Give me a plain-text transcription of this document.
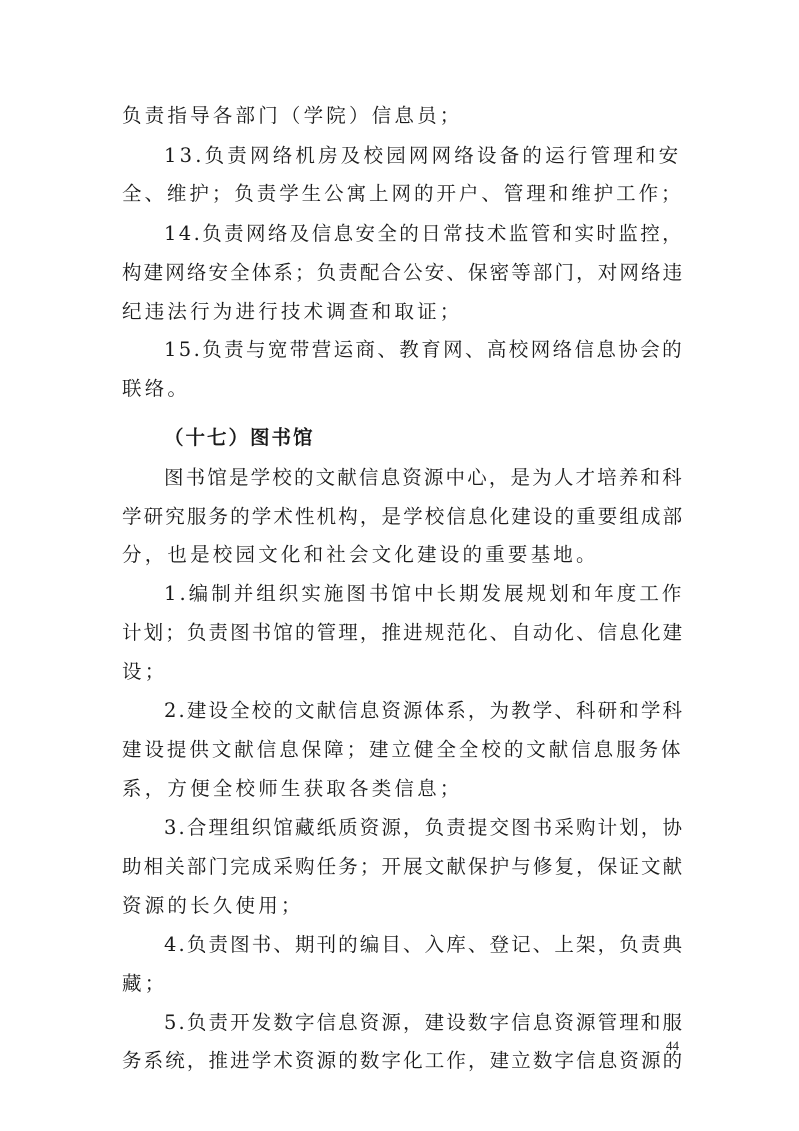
负责指导各部门（学院）信息员；
13.负责网络机房及校园网网络设备的运行管理和安
全、维护；负责学生公寓上网的开户、管理和维护工作；
14.负责网络及信息安全的日常技术监管和实时监控，
构建网络安全体系；负责配合公安、保密等部门，对网络违
纪违法行为进行技术调查和取证；
15.负责与宽带营运商、教育网、高校网络信息协会的
联络。
（十七）图书馆
图书馆是学校的文献信息资源中心，是为人才培养和科
学研究服务的学术性机构，是学校信息化建设的重要组成部
分，也是校园文化和社会文化建设的重要基地。
1.编制并组织实施图书馆中长期发展规划和年度工作
计划；负责图书馆的管理，推进规范化、自动化、信息化建
设；
2.建设全校的文献信息资源体系，为教学、科研和学科
建设提供文献信息保障；建立健全全校的文献信息服务体
系，方便全校师生获取各类信息；
3.合理组织馆藏纸质资源，负责提交图书采购计划，协
助相关部门完成采购任务；开展文献保护与修复，保证文献
资源的长久使用；
4.负责图书、期刊的编目、入库、登记、上架，负责典
藏；
5.负责开发数字信息资源，建设数字信息资源管理和服
务系统，推进学术资源的数字化工作，建立数字信息资源的
44
